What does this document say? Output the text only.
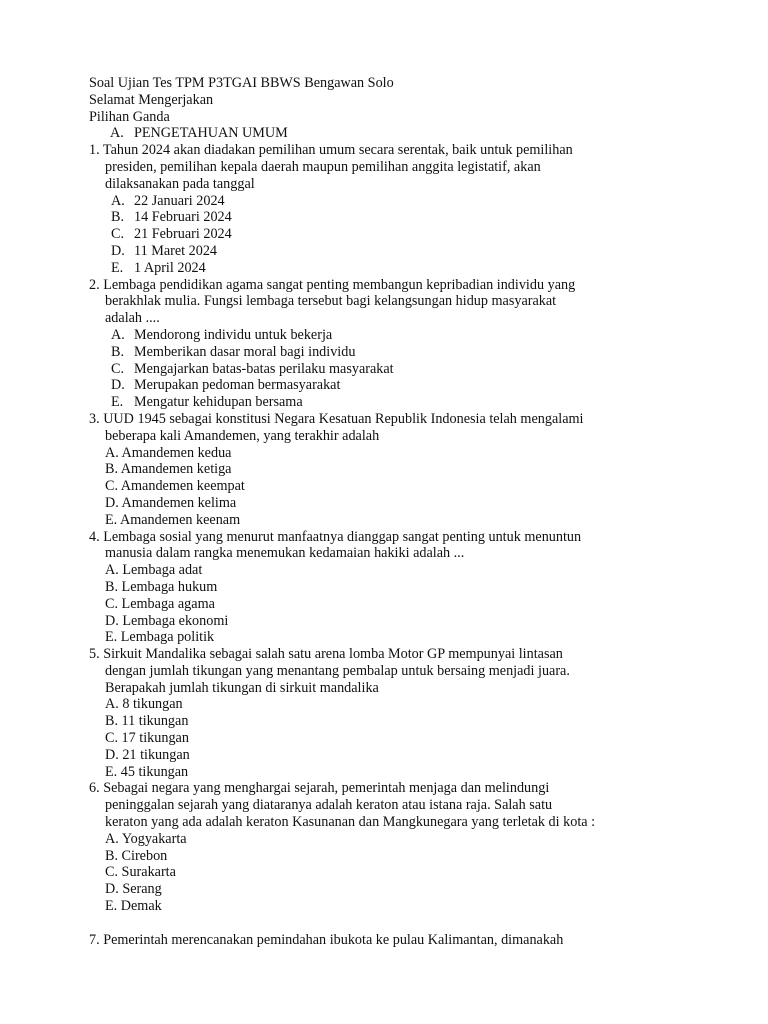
Soal Ujian Tes TPM P3TGAI BBWS Bengawan Solo
Selamat Mengerjakan
Pilihan Ganda
A. PENGETAHUAN UMUM
1. Tahun 2024 akan diadakan pemilihan umum secara serentak, baik untuk pemilihan
presiden, pemilihan kepala daerah maupun pemilihan anggita legistatif, akan
dilaksanakan pada tanggal
A. 22 Januari 2024
B. 14 Februari 2024
C. 21 Februari 2024
D. 11 Maret 2024
E. 1 April 2024
2. Lembaga pendidikan agama sangat penting membangun kepribadian individu yang
berakhlak mulia. Fungsi lembaga tersebut bagi kelangsungan hidup masyarakat
adalah ....
A. Mendorong individu untuk bekerja
B. Memberikan dasar moral bagi individu
C. Mengajarkan batas-batas perilaku masyarakat
D. Merupakan pedoman bermasyarakat
E. Mengatur kehidupan bersama
3. UUD 1945 sebagai konstitusi Negara Kesatuan Republik Indonesia telah mengalami
beberapa kali Amandemen, yang terakhir adalah
A. Amandemen kedua
B. Amandemen ketiga
C. Amandemen keempat
D. Amandemen kelima
E. Amandemen keenam
4. Lembaga sosial yang menurut manfaatnya dianggap sangat penting untuk menuntun
manusia dalam rangka menemukan kedamaian hakiki adalah ...
A. Lembaga adat
B. Lembaga hukum
C. Lembaga agama
D. Lembaga ekonomi
E. Lembaga politik
5. Sirkuit Mandalika sebagai salah satu arena lomba Motor GP mempunyai lintasan
dengan jumlah tikungan yang menantang pembalap untuk bersaing menjadi juara.
Berapakah jumlah tikungan di sirkuit mandalika
A. 8 tikungan
B. 11 tikungan
C. 17 tikungan
D. 21 tikungan
E. 45 tikungan
6. Sebagai negara yang menghargai sejarah, pemerintah menjaga dan melindungi
peninggalan sejarah yang diataranya adalah keraton atau istana raja. Salah satu
keraton yang ada adalah keraton Kasunanan dan Mangkunegara yang terletak di kota :
A. Yogyakarta
B. Cirebon
C. Surakarta
D. Serang
E. Demak
7. Pemerintah merencanakan pemindahan ibukota ke pulau Kalimantan, dimanakah
